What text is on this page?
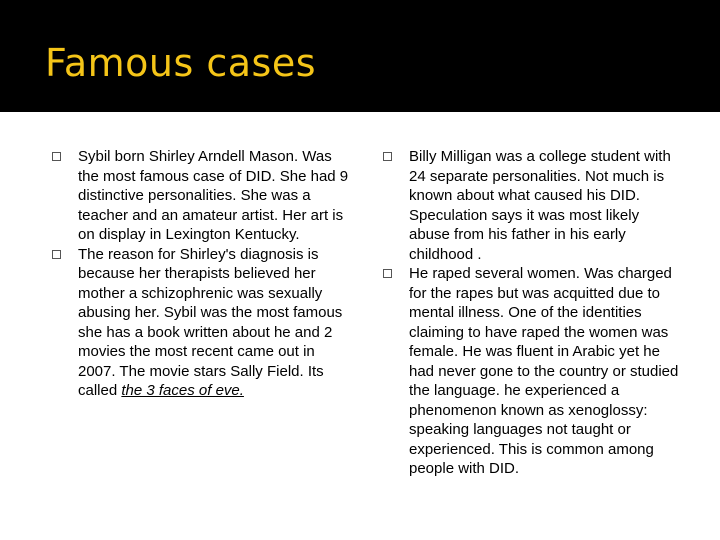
Famous cases

Sybil born Shirley Arndell Mason. Was the most famous case of DID. She had 9 distinctive personalities. She was a teacher and an amateur artist. Her art is on display in Lexington Kentucky.

The reason for Shirley's diagnosis is because her therapists believed her mother a schizophrenic was sexually abusing her. Sybil was the most famous she has a book written about he and 2 movies the most recent came out in 2007. The movie stars Sally Field. Its called the 3 faces of eve.

Billy Milligan was a college student with 24 separate personalities. Not much is known about what caused his DID. Speculation says it was most likely abuse from his father in his early childhood .

He raped several women. Was charged for the rapes but was acquitted due to mental illness. One of the identities claiming to have raped the women was female. He was fluent in Arabic yet he had never gone to the country or studied the language. he experienced a phenomenon known as xenoglossy: speaking languages not taught or experienced. This is common among people with DID.
